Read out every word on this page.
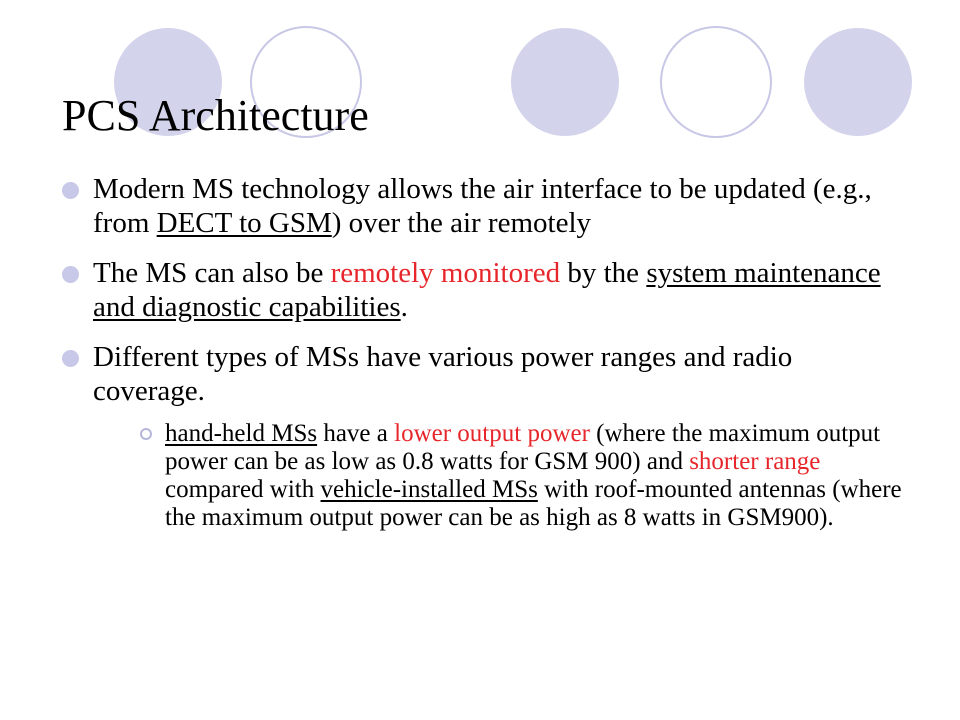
PCS Architecture
Modern MS technology allows the air interface to be updated (e.g., from DECT to GSM) over the air remotely
The MS can also be remotely monitored by the system maintenance and diagnostic capabilities.
Different types of MSs have various power ranges and radio coverage.
hand-held MSs have a lower output power (where the maximum output power can be as low as 0.8 watts for GSM 900) and shorter range compared with vehicle-installed MSs with roof-mounted antennas (where the maximum output power can be as high as 8 watts in GSM900).
